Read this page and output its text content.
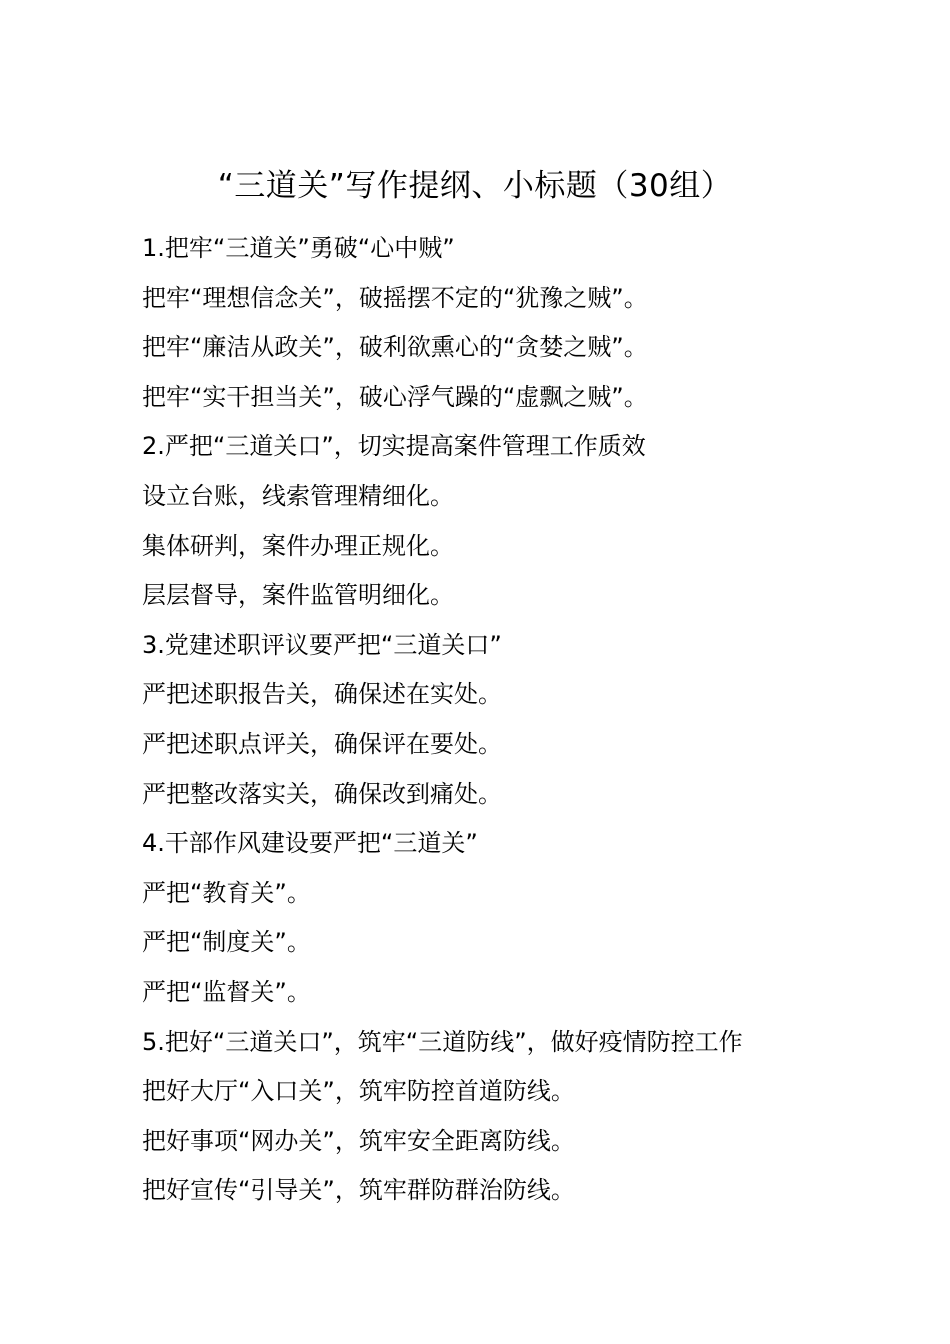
“三道关”写作提纲、小标题（30组）
1.把牢“三道关”勇破“心中贼”
把牢“理想信念关”，破摇摆不定的“犹豫之贼”。
把牢“廉洁从政关”，破利欲熏心的“贪婪之贼”。
把牢“实干担当关”，破心浮气躁的“虚飘之贼”。
2.严把“三道关口”，切实提高案件管理工作质效
设立台账，线索管理精细化。
集体研判，案件办理正规化。
层层督导，案件监管明细化。
3.党建述职评议要严把“三道关口”
严把述职报告关，确保述在实处。
严把述职点评关，确保评在要处。
严把整改落实关，确保改到痛处。
4.干部作风建设要严把“三道关”
严把“教育关”。
严把“制度关”。
严把“监督关”。
5.把好“三道关口”，筑牢“三道防线”，做好疫情防控工作
把好大厅“入口关”，筑牢防控首道防线。
把好事项“网办关”，筑牢安全距离防线。
把好宣传“引导关”，筑牢群防群治防线。
